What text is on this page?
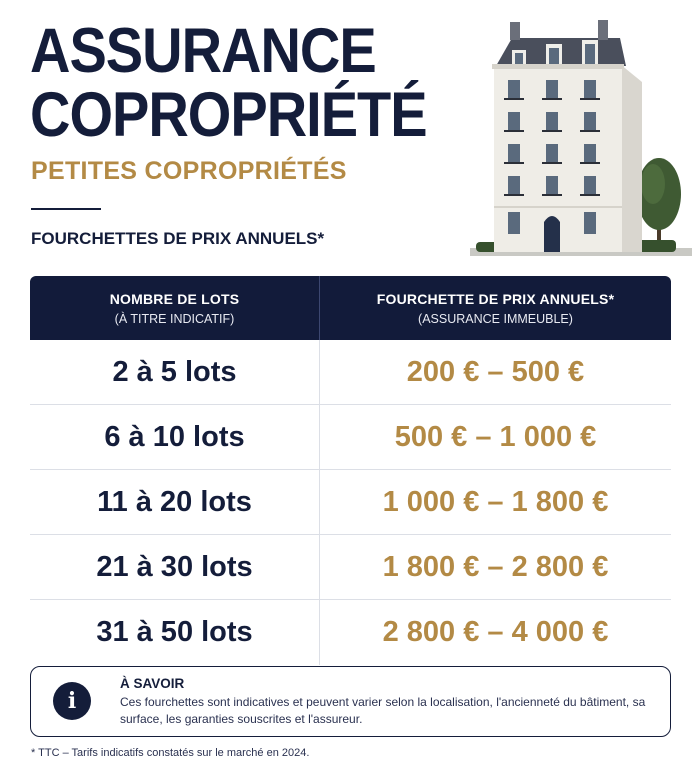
ASSURANCE
COPROPRIÉTÉ
PETITES COPROPRIÉTÉS
FOURCHETTES DE PRIX ANNUELS*
NOMBRE DE LOTS
(À TITRE INDICATIF)
FOURCHETTE DE PRIX ANNUELS*
(ASSURANCE IMMEUBLE)
2 à 5 lots	200 € – 500 €
6 à 10 lots	500 € – 1 000 €
11 à 20 lots	1 000 € – 1 800 €
21 à 30 lots	1 800 € – 2 800 €
31 à 50 lots	2 800 € – 4 000 €
i
À SAVOIR
Ces fourchettes sont indicatives et peuvent varier selon la localisation, l'ancienneté du bâtiment, sa surface, les garanties souscrites et l'assureur.
* TTC – Tarifs indicatifs constatés sur le marché en 2024.
